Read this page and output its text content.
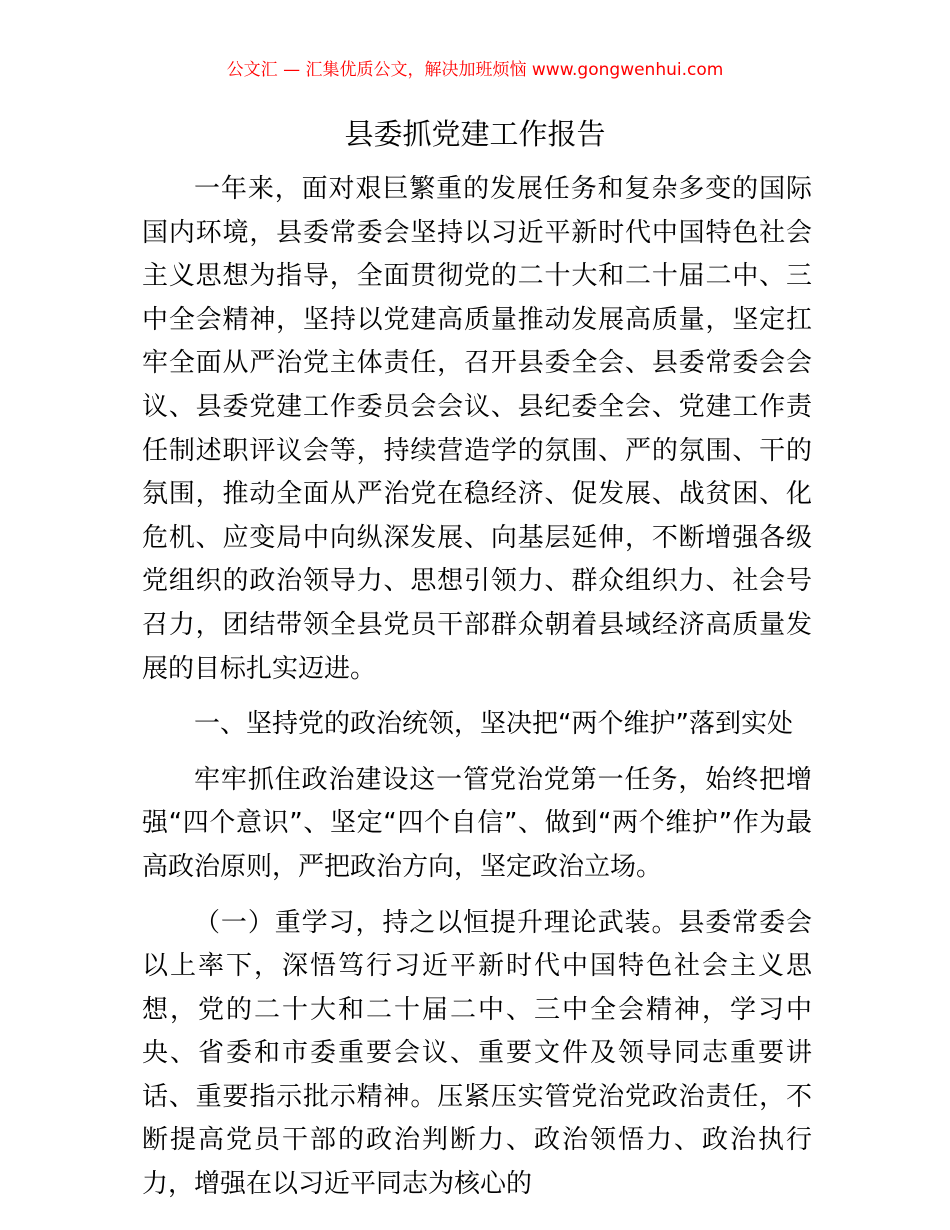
公文汇 — 汇集优质公文，解决加班烦恼 www.gongwenhui.com
县委抓党建工作报告

一年来，面对艰巨繁重的发展任务和复杂多变的国际国内环境，县委常委会坚持以习近平新时代中国特色社会主义思想为指导，全面贯彻党的二十大和二十届二中、三中全会精神，坚持以党建高质量推动发展高质量，坚定扛牢全面从严治党主体责任，召开县委全会、县委常委会会议、县委党建工作委员会会议、县纪委全会、党建工作责任制述职评议会等，持续营造学的氛围、严的氛围、干的氛围，推动全面从严治党在稳经济、促发展、战贫困、化危机、应变局中向纵深发展、向基层延伸，不断增强各级党组织的政治领导力、思想引领力、群众组织力、社会号召力，团结带领全县党员干部群众朝着县域经济高质量发展的目标扎实迈进。

一、坚持党的政治统领，坚决把“两个维护”落到实处

牢牢抓住政治建设这一管党治党第一任务，始终把增强“四个意识”、坚定“四个自信”、做到“两个维护”作为最高政治原则，严把政治方向，坚定政治立场。

（一）重学习，持之以恒提升理论武装。县委常委会以上率下，深悟笃行习近平新时代中国特色社会主义思想，党的二十大和二十届二中、三中全会精神，学习中央、省委和市委重要会议、重要文件及领导同志重要讲话、重要指示批示精神。压紧压实管党治党政治责任，不断提高党员干部的政治判断力、政治领悟力、政治执行力，增强在以习近平同志为核心的
